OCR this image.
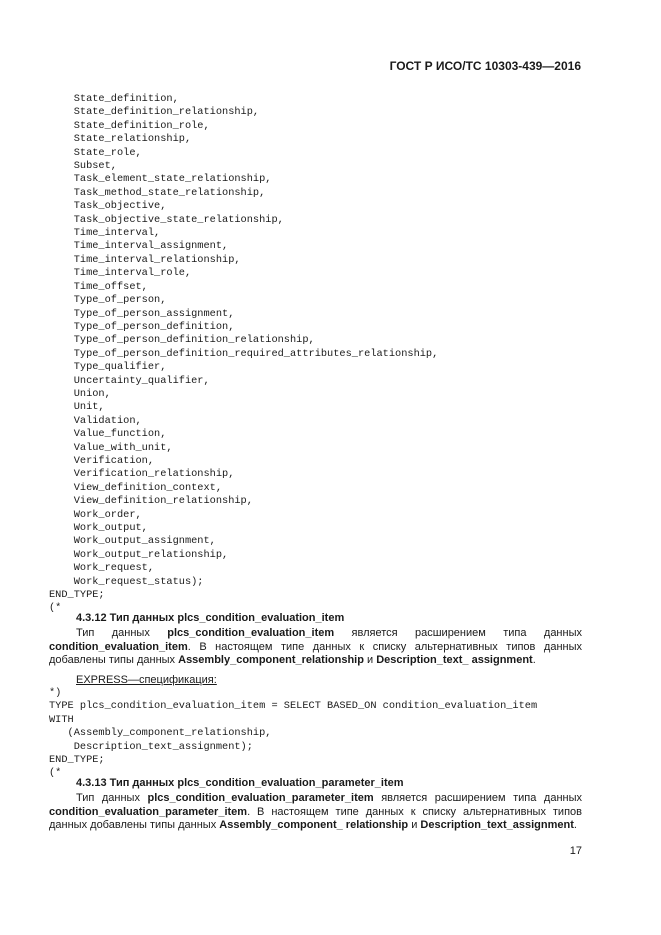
ГОСТ Р ИСО/ТС 10303-439—2016
State_definition,
State_definition_relationship,
State_definition_role,
State_relationship,
State_role,
Subset,
Task_element_state_relationship,
Task_method_state_relationship,
Task_objective,
Task_objective_state_relationship,
Time_interval,
Time_interval_assignment,
Time_interval_relationship,
Time_interval_role,
Time_offset,
Type_of_person,
Type_of_person_assignment,
Type_of_person_definition,
Type_of_person_definition_relationship,
Type_of_person_definition_required_attributes_relationship,
Type_qualifier,
Uncertainty_qualifier,
Union,
Unit,
Validation,
Value_function,
Value_with_unit,
Verification,
Verification_relationship,
View_definition_context,
View_definition_relationship,
Work_order,
Work_output,
Work_output_assignment,
Work_output_relationship,
Work_request,
Work_request_status);
END_TYPE;
(*
4.3.12 Тип данных plcs_condition_evaluation_item

Тип данных plcs_condition_evaluation_item является расширением типа данных condition_evaluation_item. В настоящем типе данных к списку альтернативных типов данных добавлены типы данных Assembly_component_relationship и Description_text_ assignment.

EXPRESS—спецификация:
*)
TYPE plcs_condition_evaluation_item = SELECT BASED_ON condition_evaluation_item
WITH
(Assembly_component_relationship,
Description_text_assignment);
END_TYPE;
(*
4.3.13 Тип данных plcs_condition_evaluation_parameter_item

Тип данных plcs_condition_evaluation_parameter_item является расширением типа данных condition_evaluation_parameter_item. В настоящем типе данных к списку альтернативных типов данных добавлены типы данных Assembly_component_ relationship и Description_text_assignment.

17
